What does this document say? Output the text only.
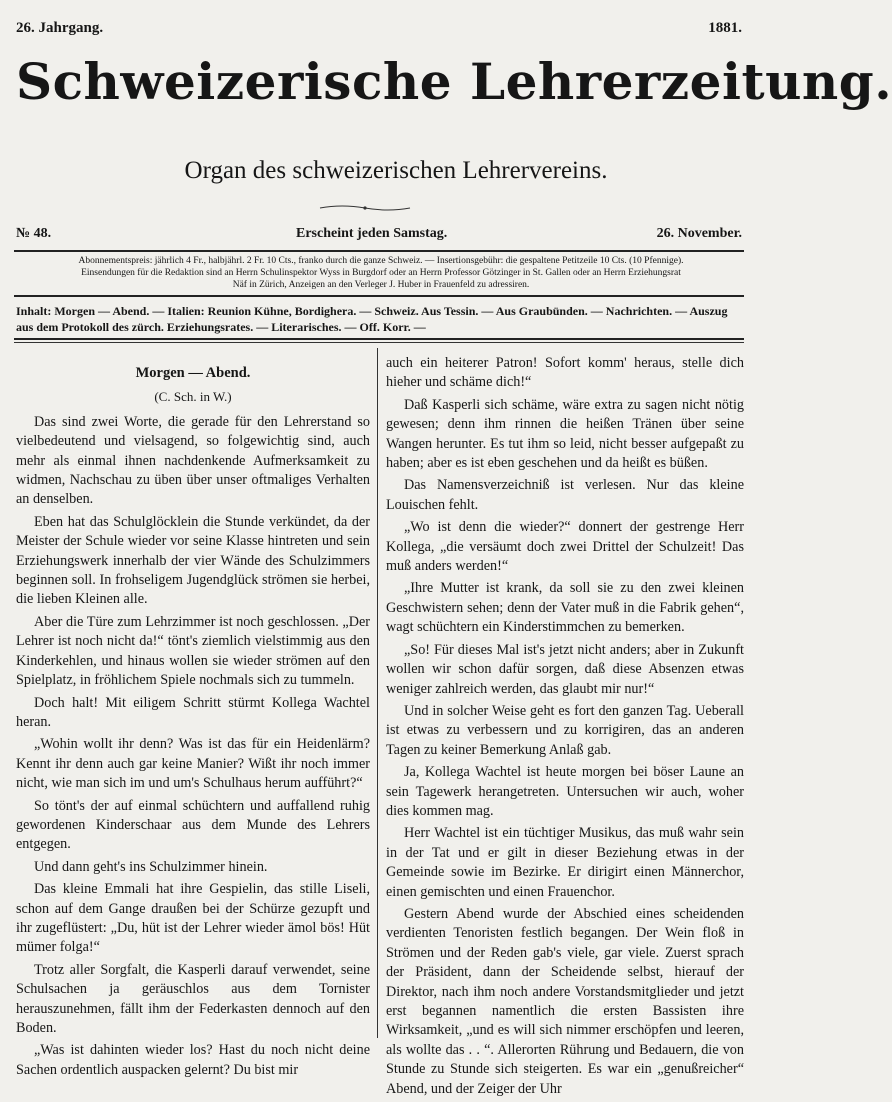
26. Jahrgang.	1881.
Schweizerische Lehrerzeitung.
Organ des schweizerischen Lehrervereins.
№ 48.	Erscheint jeden Samstag.	26. November.
Abonnementspreis: jährlich 4 Fr., halbjährl. 2 Fr. 10 Cts., franko durch die ganze Schweiz. — Insertionsgebühr: die gespaltene Petitzeile 10 Cts. (10 Pfennige).
Einsendungen für die Redaktion sind an Herrn Schulinspektor Wyss in Burgdorf oder an Herrn Professor Götzinger in St. Gallen oder an Herrn Erziehungsrat
Näf in Zürich, Anzeigen an den Verleger J. Huber in Frauenfeld zu adressiren.
Inhalt: Morgen — Abend. — Italien: Reunion Kühne, Bordighera. — Schweiz. Aus Tessin. — Aus Graubünden. — Nachrichten. — Auszug aus dem Protokoll des zürch. Erziehungsrates. — Literarisches. — Off. Korr. —
Morgen — Abend.
(C. Sch. in W.)

Das sind zwei Worte, die gerade für den Lehrerstand so vielbedeutend und vielsagend, so folgewichtig sind, auch mehr als einmal ihnen nachdenkende Aufmerksamkeit zu widmen, Nachschau zu üben über unser oftmaliges Verhalten an denselben.

Eben hat das Schulglöcklein die Stunde verkündet, da der Meister der Schule wieder vor seine Klasse hintreten und sein Erziehungswerk innerhalb der vier Wände des Schulzimmers beginnen soll. In frohseligem Jugendglück strömen sie herbei, die lieben Kleinen alle.

Aber die Türe zum Lehrzimmer ist noch geschlossen. „Der Lehrer ist noch nicht da!“ tönt's ziemlich vielstimmig aus den Kinderkehlen, und hinaus wollen sie wieder strömen auf den Spielplatz, in fröhlichem Spiele nochmals sich zu tummeln.

Doch halt! Mit eiligem Schritt stürmt Kollega Wachtel heran.

„Wohin wollt ihr denn? Was ist das für ein Heidenlärm? Kennt ihr denn auch gar keine Manier? Wißt ihr noch immer nicht, wie man sich im und um's Schulhaus herum aufführt?“

So tönt's der auf einmal schüchtern und auffallend ruhig gewordenen Kinderschaar aus dem Munde des Lehrers entgegen.

Und dann geht's ins Schulzimmer hinein.

Das kleine Emmali hat ihre Gespielin, das stille Liseli, schon auf dem Gange draußen bei der Schürze gezupft und ihr zugeflüstert: „Du, hüt ist der Lehrer wieder ämol bös! Hüt mümer folga!“

Trotz aller Sorgfalt, die Kasperli darauf verwendet, seine Schulsachen ja geräuschlos aus dem Tornister herauszunehmen, fällt ihm der Federkasten dennoch auf den Boden.

„Was ist dahinten wieder los? Hast du noch nicht deine Sachen ordentlich auspacken gelernt? Du bist mir

auch ein heiterer Patron! Sofort komm' heraus, stelle dich hieher und schäme dich!“

Daß Kasperli sich schäme, wäre extra zu sagen nicht nötig gewesen; denn ihm rinnen die heißen Tränen über seine Wangen herunter. Es tut ihm so leid, nicht besser aufgepaßt zu haben; aber es ist eben geschehen und da heißt es büßen.

Das Namensverzeichniß ist verlesen. Nur das kleine Louischen fehlt.

„Wo ist denn die wieder?“ donnert der gestrenge Herr Kollega, „die versäumt doch zwei Drittel der Schulzeit! Das muß anders werden!“

„Ihre Mutter ist krank, da soll sie zu den zwei kleinen Geschwistern sehen; denn der Vater muß in die Fabrik gehen“, wagt schüchtern ein Kinderstimmchen zu bemerken.

„So! Für dieses Mal ist's jetzt nicht anders; aber in Zukunft wollen wir schon dafür sorgen, daß diese Absenzen etwas weniger zahlreich werden, das glaubt mir nur!“

Und in solcher Weise geht es fort den ganzen Tag. Ueberall ist etwas zu verbessern und zu korrigiren, das an anderen Tagen zu keiner Bemerkung Anlaß gab.

Ja, Kollega Wachtel ist heute morgen bei böser Laune an sein Tagewerk herangetreten. Untersuchen wir auch, woher dies kommen mag.

Herr Wachtel ist ein tüchtiger Musikus, das muß wahr sein in der Tat und er gilt in dieser Beziehung etwas in der Gemeinde sowie im Bezirke. Er dirigirt einen Männerchor, einen gemischten und einen Frauenchor.

Gestern Abend wurde der Abschied eines scheidenden verdienten Tenoristen festlich begangen. Der Wein floß in Strömen und der Reden gab's viele, gar viele. Zuerst sprach der Präsident, dann der Scheidende selbst, hierauf der Direktor, nach ihm noch andere Vorstandsmitglieder und jetzt erst begannen namentlich die ersten Bassisten ihre Wirksamkeit, „und es will sich nimmer erschöpfen und leeren, als wollte das . . “. Allerorten Rührung und Bedauern, die von Stunde zu Stunde sich steigerten. Es war ein „genußreicher“ Abend, und der Zeiger der Uhr
